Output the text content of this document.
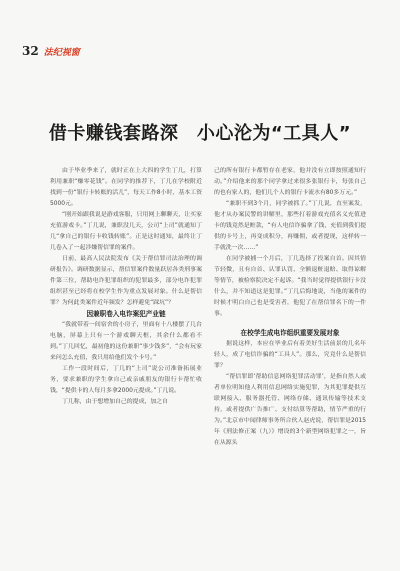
32 法纪视窗
借卡赚钱套路深　小心沦为“工具人”

由于毕业季来了，就时正在上大四的学生丁几，打算利用兼职“赚零花钱”。在同学的推荐下，丁几在学校附近找到一份“银行卡转账的活儿”，每天工作8小时，基本工资5000元。

“刚开始跟我说是游戏客服，只用网上聊聊天，让买家充值游戏卡。”丁几说，兼职没几天，公司“上司”就通知丁几“拿自己的银行卡收钱转账”。正是这时通知，最终让丁几卷入了一起涉嫌帮信罪的案件。

日前，最高人民法院发布《关于帮信罪司法治理的调研报告》。调研数据显示，帮信罪案件数量跃居各类刑事案件第三位，帮助电诈犯罪组织的犯罪最多，部分电诈犯罪组织甚至已经将在校学生作为重点发展对象。什么是帮信罪？为何此类案件近年频发？怎样避免“踩坑”？

因兼职卷入电诈案犯产业链

“我就带着一间宿舍的小房子，里面有十八楼摆了几台电脑，屏幕上只有一个游戏聊天框，其余什么都看不到。”丁几回忆，最初他的这份兼职“事少钱多”，“会有玩家来问怎么充值，我只用给他们发个卡号。”

工作一段时间后，丁几的“上司”说公司准备拓展业务，要求兼职的学生拿自己或亲戚朋友的银行卡帮忙收钱，“提供卡的人每月多拿2000元提成。”丁几说。

丁几称，由于想增加自己的提成，加之自

己的所有银行卡都暂存在老家，他并没有立即按照通知行动。”介绍他来的那个同学拿过来很多张银行卡，每张自己的也有家人的，他们几个人的银行卡流水有80多万元。”

“兼职不到3个月，同学被抓了。”丁几说，直至案发，他才从办案民警的讲解里，那些打着游戏充值名义充值进卡的钱竟然是赃款，“有人电信诈骗拿了钱，充值到我们提供的卡号上，再变成积分，再赚佣，或者提现，这样转一手就洗一次……”

在同学被捕一个月后，丁几选择了投案自首。因其情节轻微，且有自首、认罪认罚、全额退赃退赔、取得谅解等情节，被检察院决定不起诉。“我当时觉得提供银行卡没什么，并不知道这是犯罪。”丁几后悔地说，当他的案件的时候才明白自己也是受害者，他犯了在帮信罪名下的一件事。

在校学生成电诈组织重要发展对象

据说这样，本应在毕业后有着美好生活前景的几名年轻人，成了电信诈骗的“工具人”。那么，究竟什么是帮信罪？

“帮信罪即‘帮助信息网络犯罪活动罪’，是指自然人或者单位明知他人利用信息网络实施犯罪，为其犯罪提供互联网接入、服务器托管、网络存储、通讯传输等技术支持，或者提供广告推广、支付结算等帮助，情节严重的行为。”北京市中闻律师事务所合伙人赵虎说，帮信罪是2015年《刑法修正案（九）》增设的3个新型网络犯罪之一，旨在从源头
